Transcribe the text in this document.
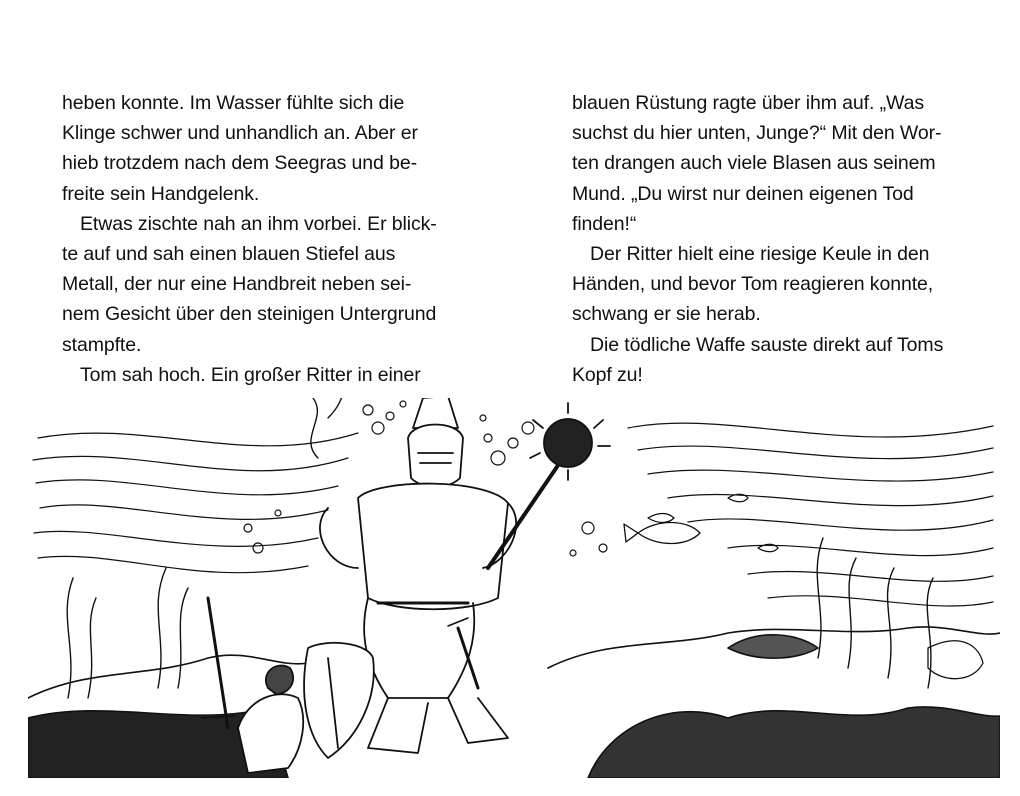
heben konnte. Im Wasser fühlte sich die
Klinge schwer und unhandlich an. Aber er
hieb trotzdem nach dem Seegras und be-
freite sein Handgelenk.
Etwas zischte nah an ihm vorbei. Er blick-
te auf und sah einen blauen Stiefel aus
Metall, der nur eine Handbreit neben sei-
nem Gesicht über den steinigen Untergrund
stampfte.
Tom sah hoch. Ein großer Ritter in einer
blauen Rüstung ragte über ihm auf. „Was
suchst du hier unten, Junge?“ Mit den Wor-
ten drangen auch viele Blasen aus seinem
Mund. „Du wirst nur deinen eigenen Tod
finden!“
Der Ritter hielt eine riesige Keule in den
Händen, und bevor Tom reagieren konnte,
schwang er sie herab.
Die tödliche Waffe sauste direkt auf Toms
Kopf zu!
